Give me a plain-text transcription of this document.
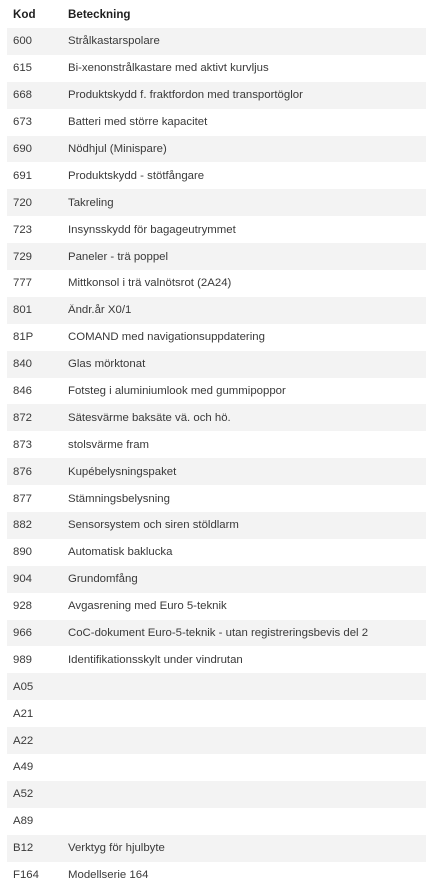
Kod	Beteckning
600	Strålkastarspolare
615	Bi-xenonstrålkastare med aktivt kurvljus
668	Produktskydd f. fraktfordon med transportöglor
673	Batteri med större kapacitet
690	Nödhjul (Minispare)
691	Produktskydd - stötfångare
720	Takreling
723	Insynsskydd för bagageutrymmet
729	Paneler - trä poppel
777	Mittkonsol i trä valnötsrot (2A24)
801	Ändr.år X0/1
81P	COMAND med navigationsuppdatering
840	Glas mörktonat
846	Fotsteg i aluminiumlook med gummipoppor
872	Sätesvärme baksäte vä. och hö.
873	stolsvärme fram
876	Kupébelysningspaket
877	Stämningsbelysning
882	Sensorsystem och siren stöldlarm
890	Automatisk baklucka
904	Grundomfång
928	Avgasrening med Euro 5-teknik
966	CoC-dokument Euro-5-teknik - utan registreringsbevis del 2
989	Identifikationsskylt under vindrutan
A05
A21
A22
A49
A52
A89
B12	Verktyg för hjulbyte
F164	Modellserie 164
